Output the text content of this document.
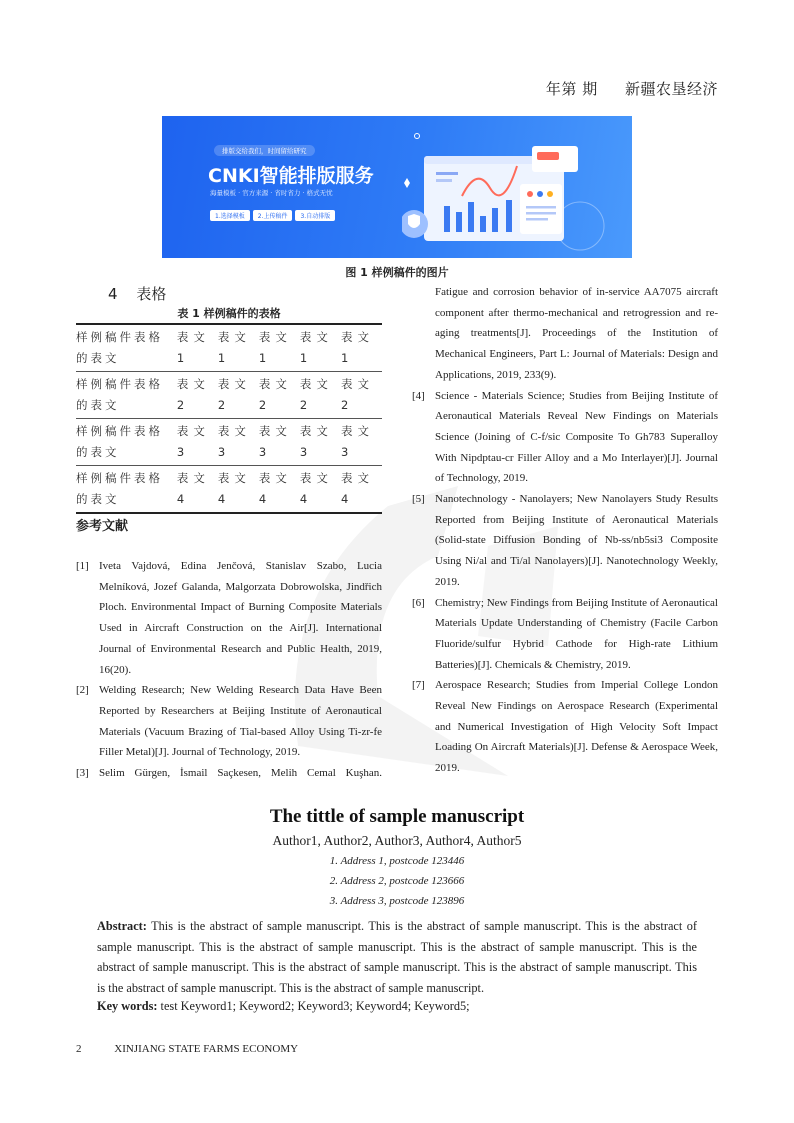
年第 期 新疆农垦经济
排版交给我们，时间留给研究
CNKI智能排版服务
海量模板 · 官方来源 · 省时省力 · 格式无忧
1.选择模板	2.上传稿件	3.自动排版
图 1 样例稿件的图片
4 表格
表 1 样例稿件的表格
样例稿件表格的表文	表文1	表文1	表文1	表文1	表文1
样例稿件表格的表文	表文2	表文2	表文2	表文2	表文2
样例稿件表格的表文	表文3	表文3	表文3	表文3	表文3
样例稿件表格的表文	表文4	表文4	表文4	表文4	表文4
参考文献
[1] Iveta Vajdová, Edina Jenčová, Stanislav Szabo, Lucia Melníková, Jozef Galanda, Malgorzata Dobrowolska, Jindřich Ploch. Environmental Impact of Burning Composite Materials Used in Aircraft Construction on the Air[J]. International Journal of Environmental Research and Public Health, 2019, 16(20).
[2] Welding Research; New Welding Research Data Have Been Reported by Researchers at Beijing Institute of Aeronautical Materials (Vacuum Brazing of Tial-based Alloy Using Ti-zr-fe Filler Metal)[J]. Journal of Technology, 2019.
[3] Selim Gürgen, İsmail Saçkesen, Melih Cemal Kuşhan.
Fatigue and corrosion behavior of in-service AA7075 aircraft component after thermo-mechanical and retrogression and re-aging treatments[J]. Proceedings of the Institution of Mechanical Engineers, Part L: Journal of Materials: Design and Applications, 2019, 233(9).
[4] Science - Materials Science; Studies from Beijing Institute of Aeronautical Materials Reveal New Findings on Materials Science (Joining of C-f/sic Composite To Gh783 Superalloy With Nipdptau-cr Filler Alloy and a Mo Interlayer)[J]. Journal of Technology, 2019.
[5] Nanotechnology - Nanolayers; New Nanolayers Study Results Reported from Beijing Institute of Aeronautical Materials (Solid-state Diffusion Bonding of Nb-ss/nb5si3 Composite Using Ni/al and Ti/al Nanolayers)[J]. Nanotechnology Weekly, 2019.
[6] Chemistry; New Findings from Beijing Institute of Aeronautical Materials Update Understanding of Chemistry (Facile Carbon Fluoride/sulfur Hybrid Cathode for High-rate Lithium Batteries)[J]. Chemicals & Chemistry, 2019.
[7] Aerospace Research; Studies from Imperial College London Reveal New Findings on Aerospace Research (Experimental and Numerical Investigation of High Velocity Soft Impact Loading On Aircraft Materials)[J]. Defense & Aerospace Week, 2019.
The tittle of sample manuscript
Author1, Author2, Author3, Author4, Author5
1. Address 1, postcode 123446
2. Address 2, postcode 123666
3. Address 3, postcode 123896
Abstract: This is the abstract of sample manuscript. This is the abstract of sample manuscript. This is the abstract of sample manuscript. This is the abstract of sample manuscript. This is the abstract of sample manuscript. This is the abstract of sample manuscript. This is the abstract of sample manuscript. This is the abstract of sample manuscript. This is the abstract of sample manuscript. This is the abstract of sample manuscript.
Key words: test Keyword1; Keyword2; Keyword3; Keyword4; Keyword5;
2	XINJIANG STATE FARMS ECONOMY
